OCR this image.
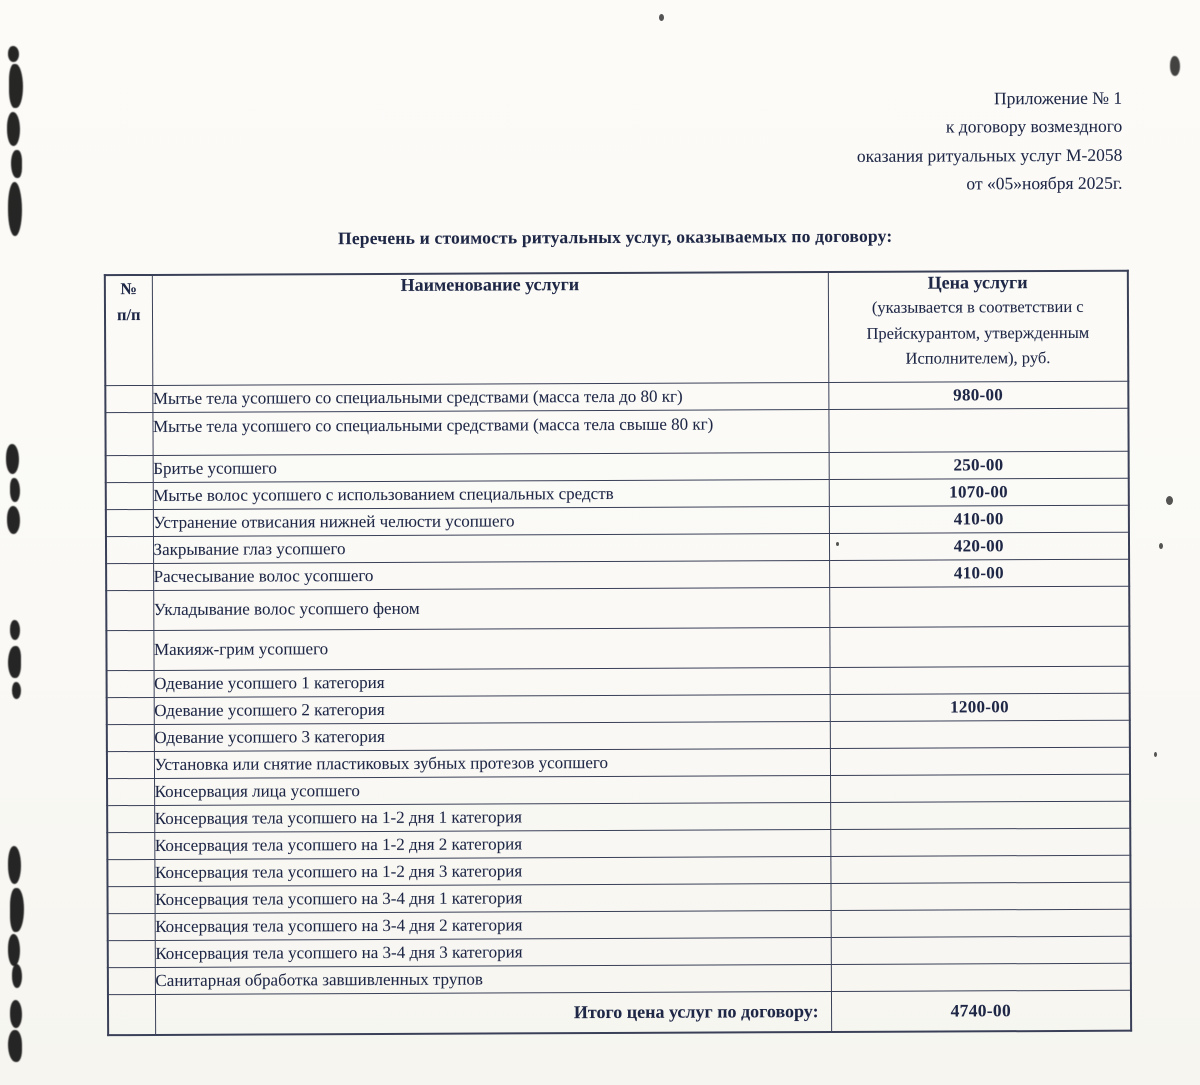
Приложение № 1
к договору возмездного
оказания ритуальных услуг М-2058
от «05»ноября 2025г.
Перечень и стоимость ритуальных услуг, оказываемых по договору:
№
п/п
	Наименование услуги	Цена услуги
(указывается в соответствии с Прейскурантом, утвержденным Исполнителем), руб.

	Мытье тела усопшего со специальными средствами (масса тела до 80 кг)	980-00
	Мытье тела усопшего со специальными средствами (масса тела свыше 80 кг)	
	Бритье усопшего	250-00
	Мытье волос усопшего с использованием специальных средств	1070-00
	Устранение отвисания нижней челюсти усопшего	410-00
	Закрывание глаз усопшего	420-00
	Расчесывание волос усопшего	410-00
	Укладывание волос усопшего феном	
	Макияж-грим усопшего	
	Одевание усопшего 1 категория	
	Одевание усопшего 2 категория	1200-00
	Одевание усопшего 3 категория	
	Установка или снятие пластиковых зубных протезов усопшего	
	Консервация лица усопшего	
	Консервация тела усопшего на 1-2 дня 1 категория	
	Консервация тела усопшего на 1-2 дня 2 категория	
	Консервация тела усопшего на 1-2 дня 3 категория	
	Консервация тела усопшего на 3-4 дня 1 категория	
	Консервация тела усопшего на 3-4 дня 2 категория	
	Консервация тела усопшего на 3-4 дня 3 категория	
	Санитарная обработка завшивленных трупов	
	Итого цена услуг по договору:	4740-00
